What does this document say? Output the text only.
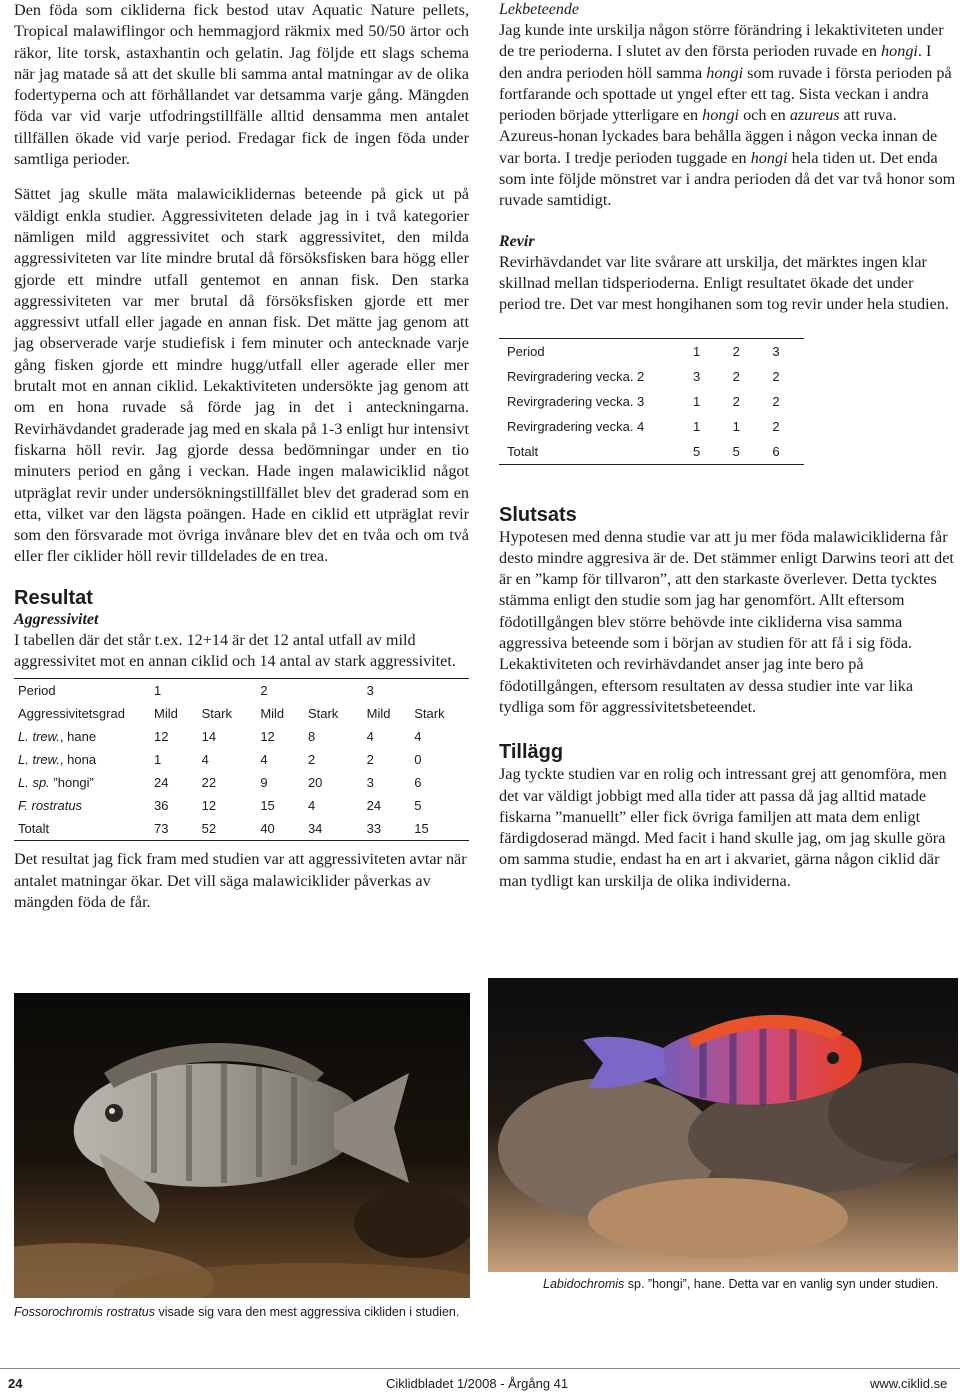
Den föda som cikliderna fick bestod utav Aquatic Nature pellets, Tropical malawiflingor och hemmagjord räkmix med 50/50 ärtor och räkor, lite torsk, astaxhantin och gelatin. Jag följde ett slags schema när jag matade så att det skulle bli samma antal matningar av de olika fodertyperna och att förhållandet var detsamma varje gång. Mängden föda var vid varje utfodringstillfälle alltid densamma men antalet tillfällen ökade vid varje period. Fredagar fick de ingen föda under samtliga perioder.

Sättet jag skulle mäta malawiciklidernas beteende på gick ut på väldigt enkla studier. Aggressiviteten delade jag in i två kategorier nämligen mild aggressivitet och stark aggressivitet, den milda aggressiviteten var lite mindre brutal då försöksfisken bara högg eller gjorde ett mindre utfall gentemot en annan fisk. Den starka aggressiviteten var mer brutal då försöksfisken gjorde ett mer aggressivt utfall eller jagade en annan fisk. Det mätte jag genom att jag observerade varje studiefisk i fem minuter och antecknade varje gång fisken gjorde ett mindre hugg/utfall eller agerade eller mer brutalt mot en annan ciklid. Lekaktiviteten undersökte jag genom att om en hona ruvade så förde jag in det i anteckningarna. Revirhävdandet graderade jag med en skala på 1-3 enligt hur intensivt fiskarna höll revir. Jag gjorde dessa bedömningar under en tio minuters period en gång i veckan. Hade ingen malawiciklid något utpräglat revir under undersökningstillfället blev det graderad som en etta, vilket var den lägsta poängen. Hade en ciklid ett utpräglat revir som den försvarade mot övriga invånare blev det en tvåa och om två eller fler ciklider höll revir tilldelades de en trea.

Resultat
Aggressivitet

I tabellen där det står t.ex. 12+14 är det 12 antal utfall av mild aggressivitet mot en annan ciklid och 14 antal av stark aggressivitet.

Period	1		2		3	
Aggressivitetsgrad	Mild	Stark	Mild	Stark	Mild	Stark
L. trew., hane	12	14	12	8	4	4
L. trew., hona	1	4	4	2	2	0
L. sp. ”hongi”	24	22	9	20	3	6
F. rostratus	36	12	15	4	24	5
Totalt	73	52	40	34	33	15

Det resultat jag fick fram med studien var att aggressiviteten avtar när antalet matningar ökar. Det vill säga malawiciklider påverkas av mängden föda de får.

Lekbeteende

Jag kunde inte urskilja någon större förändring i lekaktiviteten under de tre perioderna. I slutet av den första perioden ruvade en hongi. I den andra perioden höll samma hongi som ruvade i första perioden på fortfarande och spottade ut yngel efter ett tag. Sista veckan i andra perioden började ytterligare en hongi och en azureus att ruva. Azureus-honan lyckades bara behålla äggen i någon vecka innan de var borta. I tredje perioden tuggade en hongi hela tiden ut. Det enda som inte följde mönstret var i andra perioden då det var två honor som ruvade samtidigt.

Revir

Revirhävdandet var lite svårare att urskilja, det märktes ingen klar skillnad mellan tidsperioderna. Enligt resultatet ökade det under period tre. Det var mest hongihanen som tog revir under hela studien.

Period	1	2	3
Revirgradering vecka. 2	3	2	2
Revirgradering vecka. 3	1	2	2
Revirgradering vecka. 4	1	1	2
Totalt	5	5	6
Slutsats

Hypotesen med denna studie var att ju mer föda malawicikliderna får desto mindre aggresiva är de. Det stämmer enligt Darwins teori att det är en ”kamp för tillvaron”, att den starkaste överlever. Detta tycktes stämma enligt den studie som jag har genomfört. Allt eftersom födotillgången blev större behövde inte cikliderna visa samma aggressiva beteende som i början av studien för att få i sig föda. Lekaktiviteten och revirhävdandet anser jag inte bero på födotillgången, eftersom resultaten av dessa studier inte var lika tydliga som för aggressivitetsbeteendet.

Tillägg

Jag tyckte studien var en rolig och intressant grej att genomföra, men det var väldigt jobbigt med alla tider att passa då jag alltid matade fiskarna ”manuellt” eller fick övriga familjen att mata dem enligt färdigdoserad mängd. Med facit i hand skulle jag, om jag skulle göra om samma studie, endast ha en art i akvariet, gärna någon ciklid där man tydligt kan urskilja de olika individerna.

Fossorochromis rostratus visade sig vara den mest aggressiva cikliden i studien.
Labidochromis sp. ”hongi”, hane. Detta var en vanlig syn under studien.
24	Ciklidbladet 1/2008 - Årgång 41	www.ciklid.se
